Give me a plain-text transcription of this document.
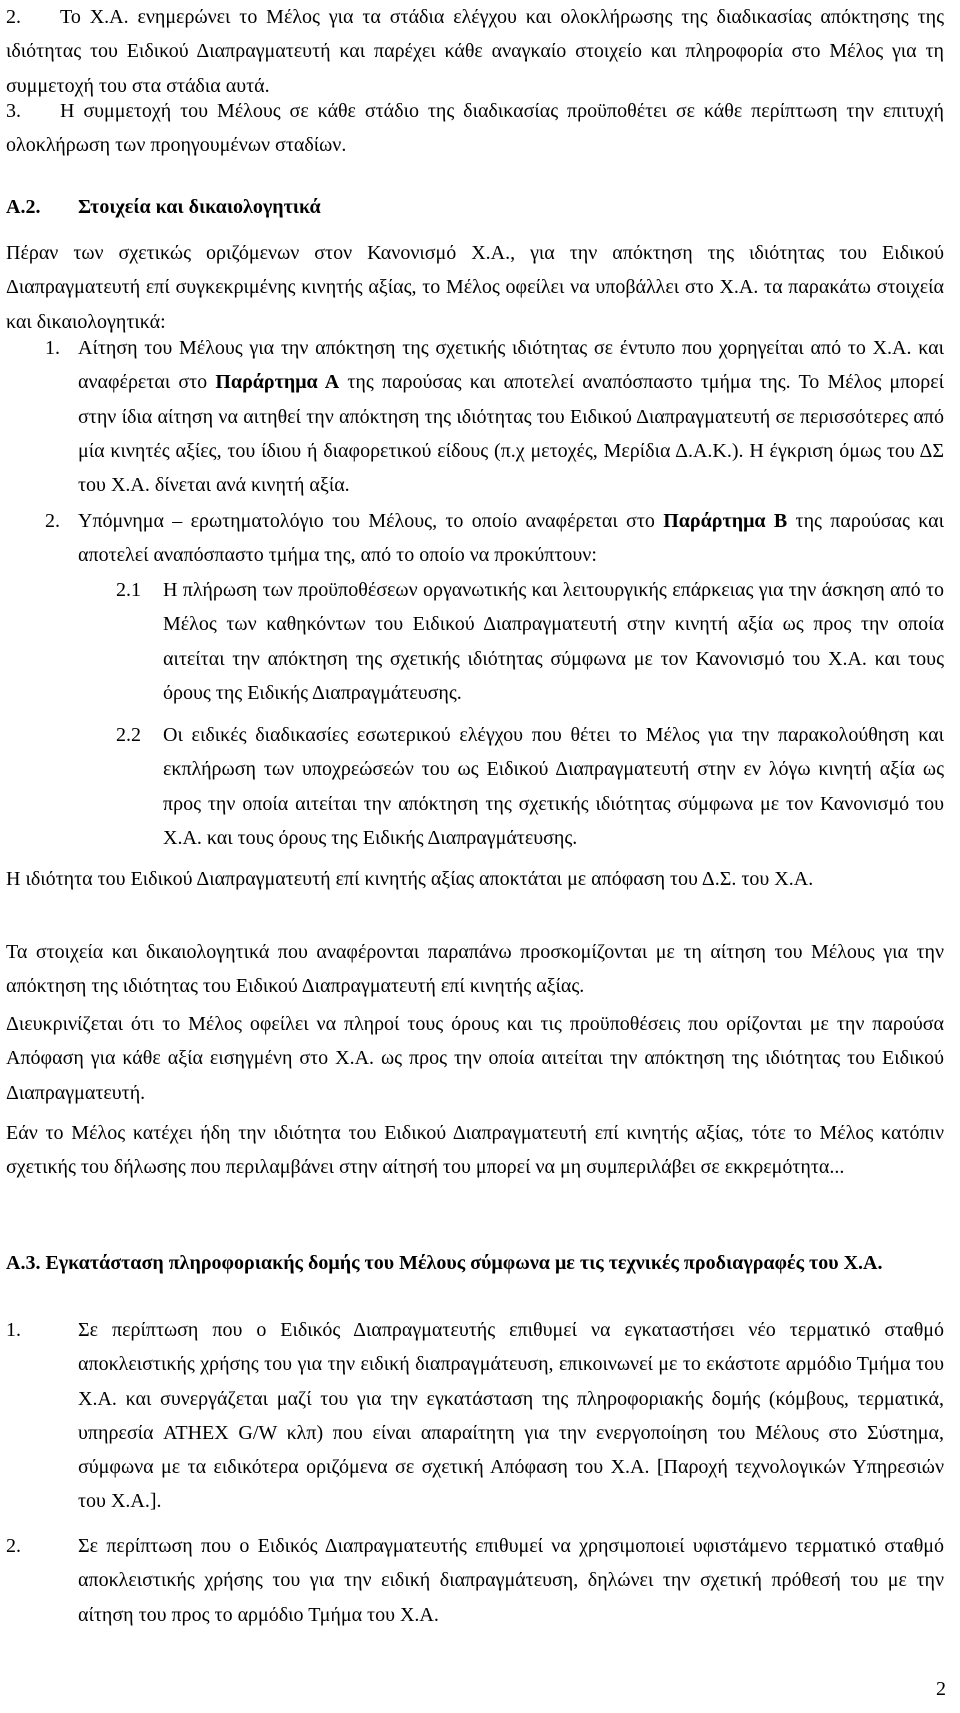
2.	Το Χ.Α. ενημερώνει το Μέλος για τα στάδια ελέγχου και ολοκλήρωσης της διαδικασίας απόκτησης της ιδιότητας του Ειδικού Διαπραγματευτή και παρέχει κάθε αναγκαίο στοιχείο και πληροφορία στο Μέλος για τη συμμετοχή του στα στάδια αυτά.

3.	Η συμμετοχή του Μέλους σε κάθε στάδιο της διαδικασίας προϋποθέτει σε κάθε περίπτωση την επιτυχή ολοκλήρωση των προηγουμένων σταδίων.

Α.2. Στοιχεία και δικαιολογητικά

Πέραν των σχετικώς οριζόμενων στον Κανονισμό Χ.Α., για την απόκτηση της ιδιότητας του Ειδικού Διαπραγματευτή επί συγκεκριμένης κινητής αξίας, το Μέλος οφείλει να υποβάλλει στο Χ.Α. τα παρακάτω στοιχεία και δικαιολογητικά:

1. Αίτηση του Μέλους για την απόκτηση της σχετικής ιδιότητας σε έντυπο που χορηγείται από το Χ.Α. και αναφέρεται στο Παράρτημα Α της παρούσας και αποτελεί αναπόσπαστο τμήμα της. Το Μέλος μπορεί στην ίδια αίτηση να αιτηθεί την απόκτηση της ιδιότητας του Ειδικού Διαπραγματευτή σε περισσότερες από μία κινητές αξίες, του ίδιου ή διαφορετικού είδους (π.χ μετοχές, Μερίδια Δ.Α.Κ.). Η έγκριση όμως του ΔΣ του Χ.Α. δίνεται ανά κινητή αξία.

2. Υπόμνημα – ερωτηματολόγιο του Μέλους, το οποίο αναφέρεται στο Παράρτημα Β της παρούσας και αποτελεί αναπόσπαστο τμήμα της, από το οποίο να προκύπτουν:

2.1 Η πλήρωση των προϋποθέσεων οργανωτικής και λειτουργικής επάρκειας για την άσκηση από το Μέλος των καθηκόντων του Ειδικού Διαπραγματευτή στην κινητή αξία ως προς την οποία αιτείται την απόκτηση της σχετικής ιδιότητας σύμφωνα με τον Κανονισμό του Χ.Α. και τους όρους της Ειδικής Διαπραγμάτευσης.

2.2 Οι ειδικές διαδικασίες εσωτερικού ελέγχου που θέτει το Μέλος για την παρακολούθηση και εκπλήρωση των υποχρεώσεών του ως Ειδικού Διαπραγματευτή στην εν λόγω κινητή αξία ως προς την οποία αιτείται την απόκτηση της σχετικής ιδιότητας σύμφωνα με τον Κανονισμό του Χ.Α. και τους όρους της Ειδικής Διαπραγμάτευσης.

Η ιδιότητα του Ειδικού Διαπραγματευτή επί κινητής αξίας αποκτάται με απόφαση του Δ.Σ. του Χ.Α.

Τα στοιχεία και δικαιολογητικά που αναφέρονται παραπάνω προσκομίζονται με τη αίτηση του Μέλους για την απόκτηση της ιδιότητας του Ειδικού Διαπραγματευτή επί κινητής αξίας.

Διευκρινίζεται ότι το Μέλος οφείλει να πληροί τους όρους και τις προϋποθέσεις που ορίζονται με την παρούσα Απόφαση για κάθε αξία εισηγμένη στο Χ.Α. ως προς την οποία αιτείται την απόκτηση της ιδιότητας του Ειδικού Διαπραγματευτή.

Εάν το Μέλος κατέχει ήδη την ιδιότητα του Ειδικού Διαπραγματευτή επί κινητής αξίας, τότε το Μέλος κατόπιν σχετικής του δήλωσης που περιλαμβάνει στην αίτησή του μπορεί να μη συμπεριλάβει σε εκκρεμότητα...

Α.3. Εγκατάσταση πληροφοριακής δομής του Μέλους σύμφωνα με τις τεχνικές προδιαγραφές του Χ.Α.

1.	Σε περίπτωση που ο Ειδικός Διαπραγματευτής επιθυμεί να εγκαταστήσει νέο τερματικό σταθμό αποκλειστικής χρήσης του για την ειδική διαπραγμάτευση, επικοινωνεί με το εκάστοτε αρμόδιο Τμήμα του Χ.Α. και συνεργάζεται μαζί του για την εγκατάσταση της πληροφοριακής δομής (κόμβους, τερματικά, υπηρεσία ATHEX G/W κλπ) που είναι απαραίτητη για την ενεργοποίηση του Μέλους στο Σύστημα, σύμφωνα με τα ειδικότερα οριζόμενα σε σχετική Απόφαση του Χ.Α. [Παροχή τεχνολογικών Υπηρεσιών του Χ.Α.].

2.	Σε περίπτωση που ο Ειδικός Διαπραγματευτής επιθυμεί να χρησιμοποιεί υφιστάμενο τερματικό σταθμό αποκλειστικής χρήσης του για την ειδική διαπραγμάτευση, δηλώνει την σχετική πρόθεσή του με την αίτηση του προς το αρμόδιο Τμήμα του Χ.Α.

2
